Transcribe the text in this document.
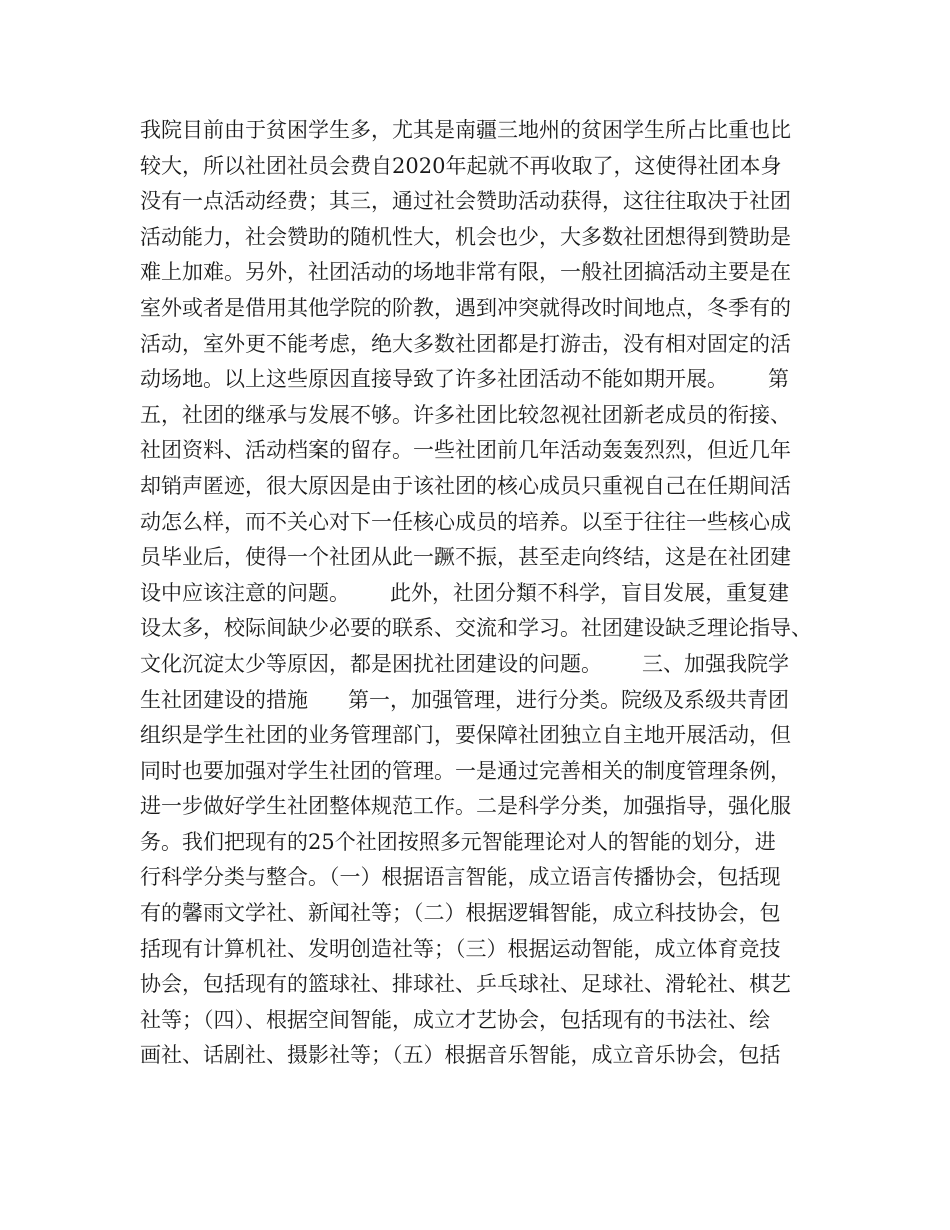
我院目前由于贫困学生多，尤其是南疆三地州的贫困学生所占比重也比
较大，所以社团社员会费自2020年起就不再收取了，这使得社团本身
没有一点活动经费；其三，通过社会赞助活动获得，这往往取决于社团
活动能力，社会赞助的随机性大，机会也少，大多数社团想得到赞助是
难上加难。另外，社团活动的场地非常有限，一般社团搞活动主要是在
室外或者是借用其他学院的阶教，遇到冲突就得改时间地点，冬季有的
活动，室外更不能考虑，绝大多数社团都是打游击，没有相对固定的活
动场地。以上这些原因直接导致了许多社团活动不能如期开展。      第
五，社团的继承与发展不够。许多社团比较忽视社团新老成员的衔接、
社团资料、活动档案的留存。一些社团前几年活动轰轰烈烈，但近几年
却销声匿迹，很大原因是由于该社团的核心成员只重视自己在任期间活
动怎么样，而不关心对下一任核心成员的培养。以至于往往一些核心成
员毕业后，使得一个社团从此一蹶不振，甚至走向终结，这是在社团建
设中应该注意的问题。      此外，社团分類不科学，盲目发展，重复建
设太多，校际间缺少必要的联系、交流和学习。社团建设缺乏理论指导、
文化沉淀太少等原因，都是困扰社团建设的问题。      三、加强我院学
生社团建设的措施      第一，加强管理，进行分类。院级及系级共青团
组织是学生社团的业务管理部门，要保障社团独立自主地开展活动，但
同时也要加强对学生社团的管理。一是通过完善相关的制度管理条例，
进一步做好学生社团整体规范工作。二是科学分类，加强指导，强化服
务。我们把现有的25个社团按照多元智能理论对人的智能的划分，进
行科学分类与整合。（一）根据语言智能，成立语言传播协会，包括现
有的馨雨文学社、新闻社等；（二）根据逻辑智能，成立科技协会，包
括现有计算机社、发明创造社等；（三）根据运动智能，成立体育竞技
协会，包括现有的篮球社、排球社、乒乓球社、足球社、滑轮社、棋艺
社等；（四）、根据空间智能，成立才艺协会，包括现有的书法社、绘
画社、话剧社、摄影社等；（五）根据音乐智能，成立音乐协会，包括
